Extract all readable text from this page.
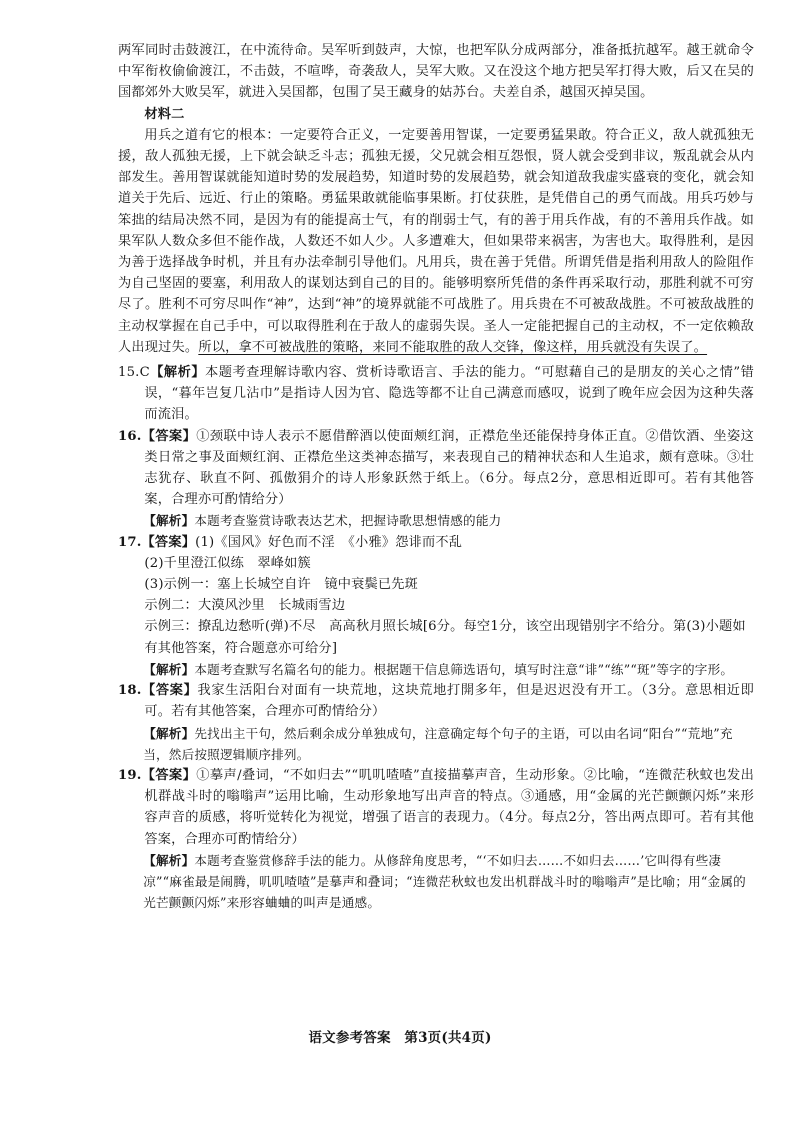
两军同时击鼓渡江，在中流待命。吴军听到鼓声，大惊，也把军队分成两部分，准备抵抗越军。越王就命令中军衔枚偷偷渡江，不击鼓，不喧哗，奇袭敌人，吴军大败。又在没这个地方把吴军打得大败，后又在吴的国都郊外大败吴军，就进入吴国都，包围了吴王藏身的姑苏台。夫差自杀，越国灭掉吴国。

材料二

用兵之道有它的根本：一定要符合正义，一定要善用智谋，一定要勇猛果敢。符合正义，敌人就孤独无援，敌人孤独无援，上下就会缺乏斗志；孤独无援，父兄就会相互怨恨，贤人就会受到非议，叛乱就会从内部发生。善用智谋就能知道时势的发展趋势，知道时势的发展趋势，就会知道敌我虚实盛衰的变化，就会知道关于先后、远近、行止的策略。勇猛果敢就能临事果断。打仗获胜，是凭借自己的勇气而战。用兵巧妙与笨拙的结局决然不同，是因为有的能提高士气，有的削弱士气，有的善于用兵作战，有的不善用兵作战。如果军队人数众多但不能作战，人数还不如人少。人多遭难大，但如果带来祸害，为害也大。取得胜利，是因为善于选择战争时机，并且有办法牵制引导他们。凡用兵，贵在善于凭借。所谓凭借是指利用敌人的险阻作为自己坚固的要塞，利用敌人的谋划达到自己的目的。能够明察所凭借的条件再采取行动，那胜利就不可穷尽了。胜利不可穷尽叫作“神”，达到“神”的境界就能不可战胜了。用兵贵在不可被敌战胜。不可被敌战胜的主动权掌握在自己手中，可以取得胜利在于敌人的虚弱失误。圣人一定能把握自己的主动权，不一定依赖敌人出现过失。所以，拿不可被战胜的策略，来同不能取胜的敌人交锋，像这样，用兵就没有失误了。

15.C【解析】本题考查理解诗歌内容、赏析诗歌语言、手法的能力。“可慰藉自己的是朋友的关心之情”错误，“暮年岂复几沾巾”是指诗人因为官、隐选等都不让自己满意而感叹，说到了晚年应会因为这种失落而流泪。

16.【答案】①颈联中诗人表示不愿借醉酒以使面颊红润，正襟危坐还能保持身体正直。②借饮酒、坐姿这类日常之事及面颊红润、正襟危坐这类神态描写，来表现自己的精神状态和人生追求，颇有意味。③壮志犹存、耿直不阿、孤傲狷介的诗人形象跃然于纸上。（6分。每点2分，意思相近即可。若有其他答案，合理亦可酌情给分）

【解析】本题考查鉴赏诗歌表达艺术，把握诗歌思想情感的能力

17.【答案】(1)《国风》好色而不淫　《小雅》怨诽而不乱

(2)千里澄江似练　翠峰如簇

(3)示例一：塞上长城空自许　镜中衰鬓已先斑

示例二：大漠风沙里　长城雨雪边

示例三：撩乱边愁听(弹)不尽　高高秋月照长城[6分。每空1分，该空出现错别字不给分。第(3)小题如有其他答案，符合题意亦可给分]

【解析】本题考查默写名篇名句的能力。根据题干信息筛选语句，填写时注意“诽”“练”“斑”等字的字形。

18.【答案】我家生活阳台对面有一块荒地，这块荒地打開多年，但是迟迟没有开工。（3分。意思相近即可。若有其他答案，合理亦可酌情给分）

【解析】先找出主干句，然后剩余成分单独成句，注意确定每个句子的主语，可以由名词“阳台”“荒地”充当，然后按照逻辑顺序排列。

19.【答案】①摹声/叠词，“不如归去”“叽叽喳喳”直接描摹声音，生动形象。②比喻，“连微茫秋蚊也发出机群战斗时的嗡嗡声”运用比喻，生动形象地写出声音的特点。③通感，用“金属的光芒颤颤闪烁”来形容声音的质感，将听觉转化为视觉，增强了语言的表现力。（4分。每点2分，答出两点即可。若有其他答案，合理亦可酌情给分）

【解析】本题考查鉴赏修辞手法的能力。从修辞角度思考，“‘不如归去……不如归去……’它叫得有些凄凉”“麻雀最是闹腾，叽叽喳喳”是摹声和叠词；“连微茫秋蚊也发出机群战斗时的嗡嗡声”是比喻；用“金属的光芒颤颤闪烁”来形容蛐蛐的叫声是通感。

语文参考答案　第3页(共4页)
